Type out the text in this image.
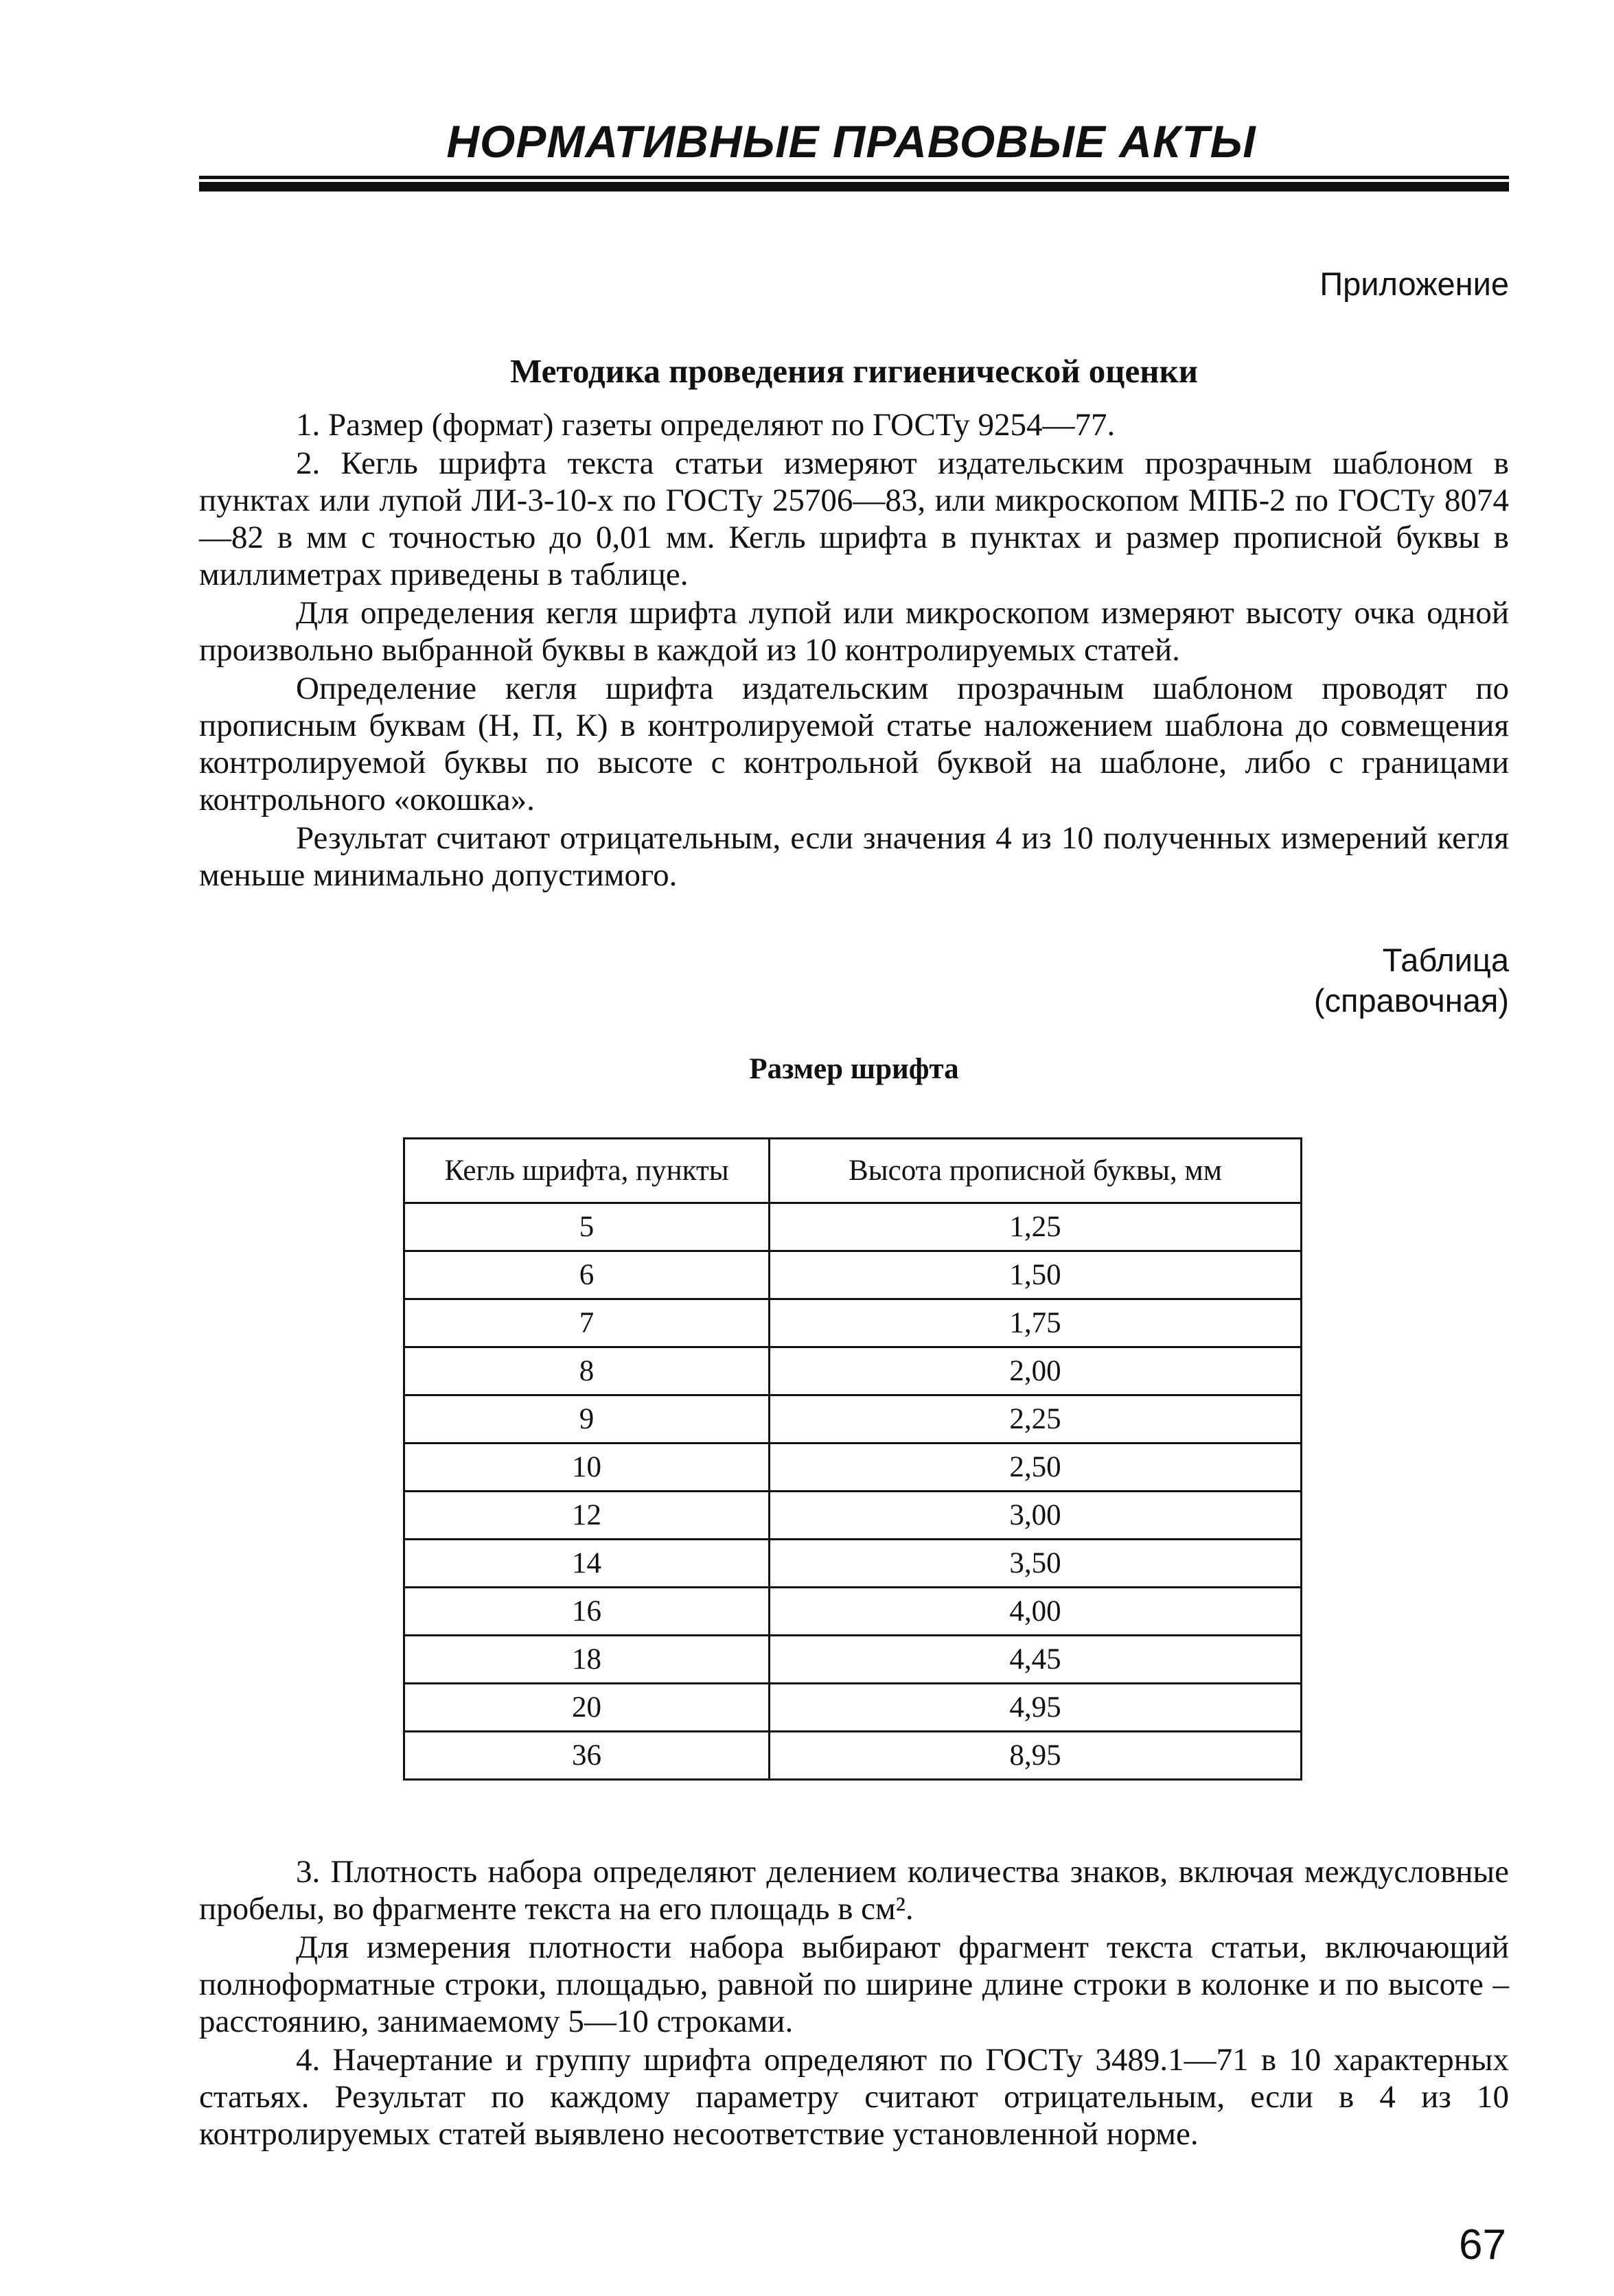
НОРМАТИВНЫЕ ПРАВОВЫЕ АКТЫ
Приложение
Методика проведения гигиенической оценки

1. Размер (формат) газеты определяют по ГОСТу 9254—77.

2. Кегль шрифта текста статьи измеряют издательским прозрачным шаблоном в пунктах или лупой ЛИ-3-10-х по ГОСТу 25706—83, или микроскопом МПБ-2 по ГОСТу 8074—82 в мм с точностью до 0,01 мм. Кегль шрифта в пунктах и размер прописной буквы в миллиметрах приведены в таблице.

Для определения кегля шрифта лупой или микроскопом измеряют высоту очка одной произвольно выбранной буквы в каждой из 10 контролируемых статей.

Определение кегля шрифта издательским прозрачным шаблоном проводят по прописным буквам (Н, П, К) в контролируемой статье наложением шаблона до совмещения контролируемой буквы по высоте с контрольной буквой на шаблоне, либо с границами контрольного «окошка».

Результат считают отрицательным, если значения 4 из 10 полученных измерений кегля меньше минимально допустимого.

Таблица
(справочная)
Размер шрифта
Кегль шрифта, пункты	Высота прописной буквы, мм
5	1,25
6	1,50
7	1,75
8	2,00
9	2,25
10	2,50
12	3,00
14	3,50
16	4,00
18	4,45
20	4,95
36	8,95

3. Плотность набора определяют делением количества знаков, включая междусловные пробелы, во фрагменте текста на его площадь в см².

Для измерения плотности набора выбирают фрагмент текста статьи, включающий полноформатные строки, площадью, равной по ширине длине строки в колонке и по высоте – расстоянию, занимаемому 5—10 строками.

4. Начертание и группу шрифта определяют по ГОСТу 3489.1—71 в 10 характерных статьях. Результат по каждому параметру считают отрицательным, если в 4 из 10 контролируемых статей выявлено несоответствие установленной норме.

67
